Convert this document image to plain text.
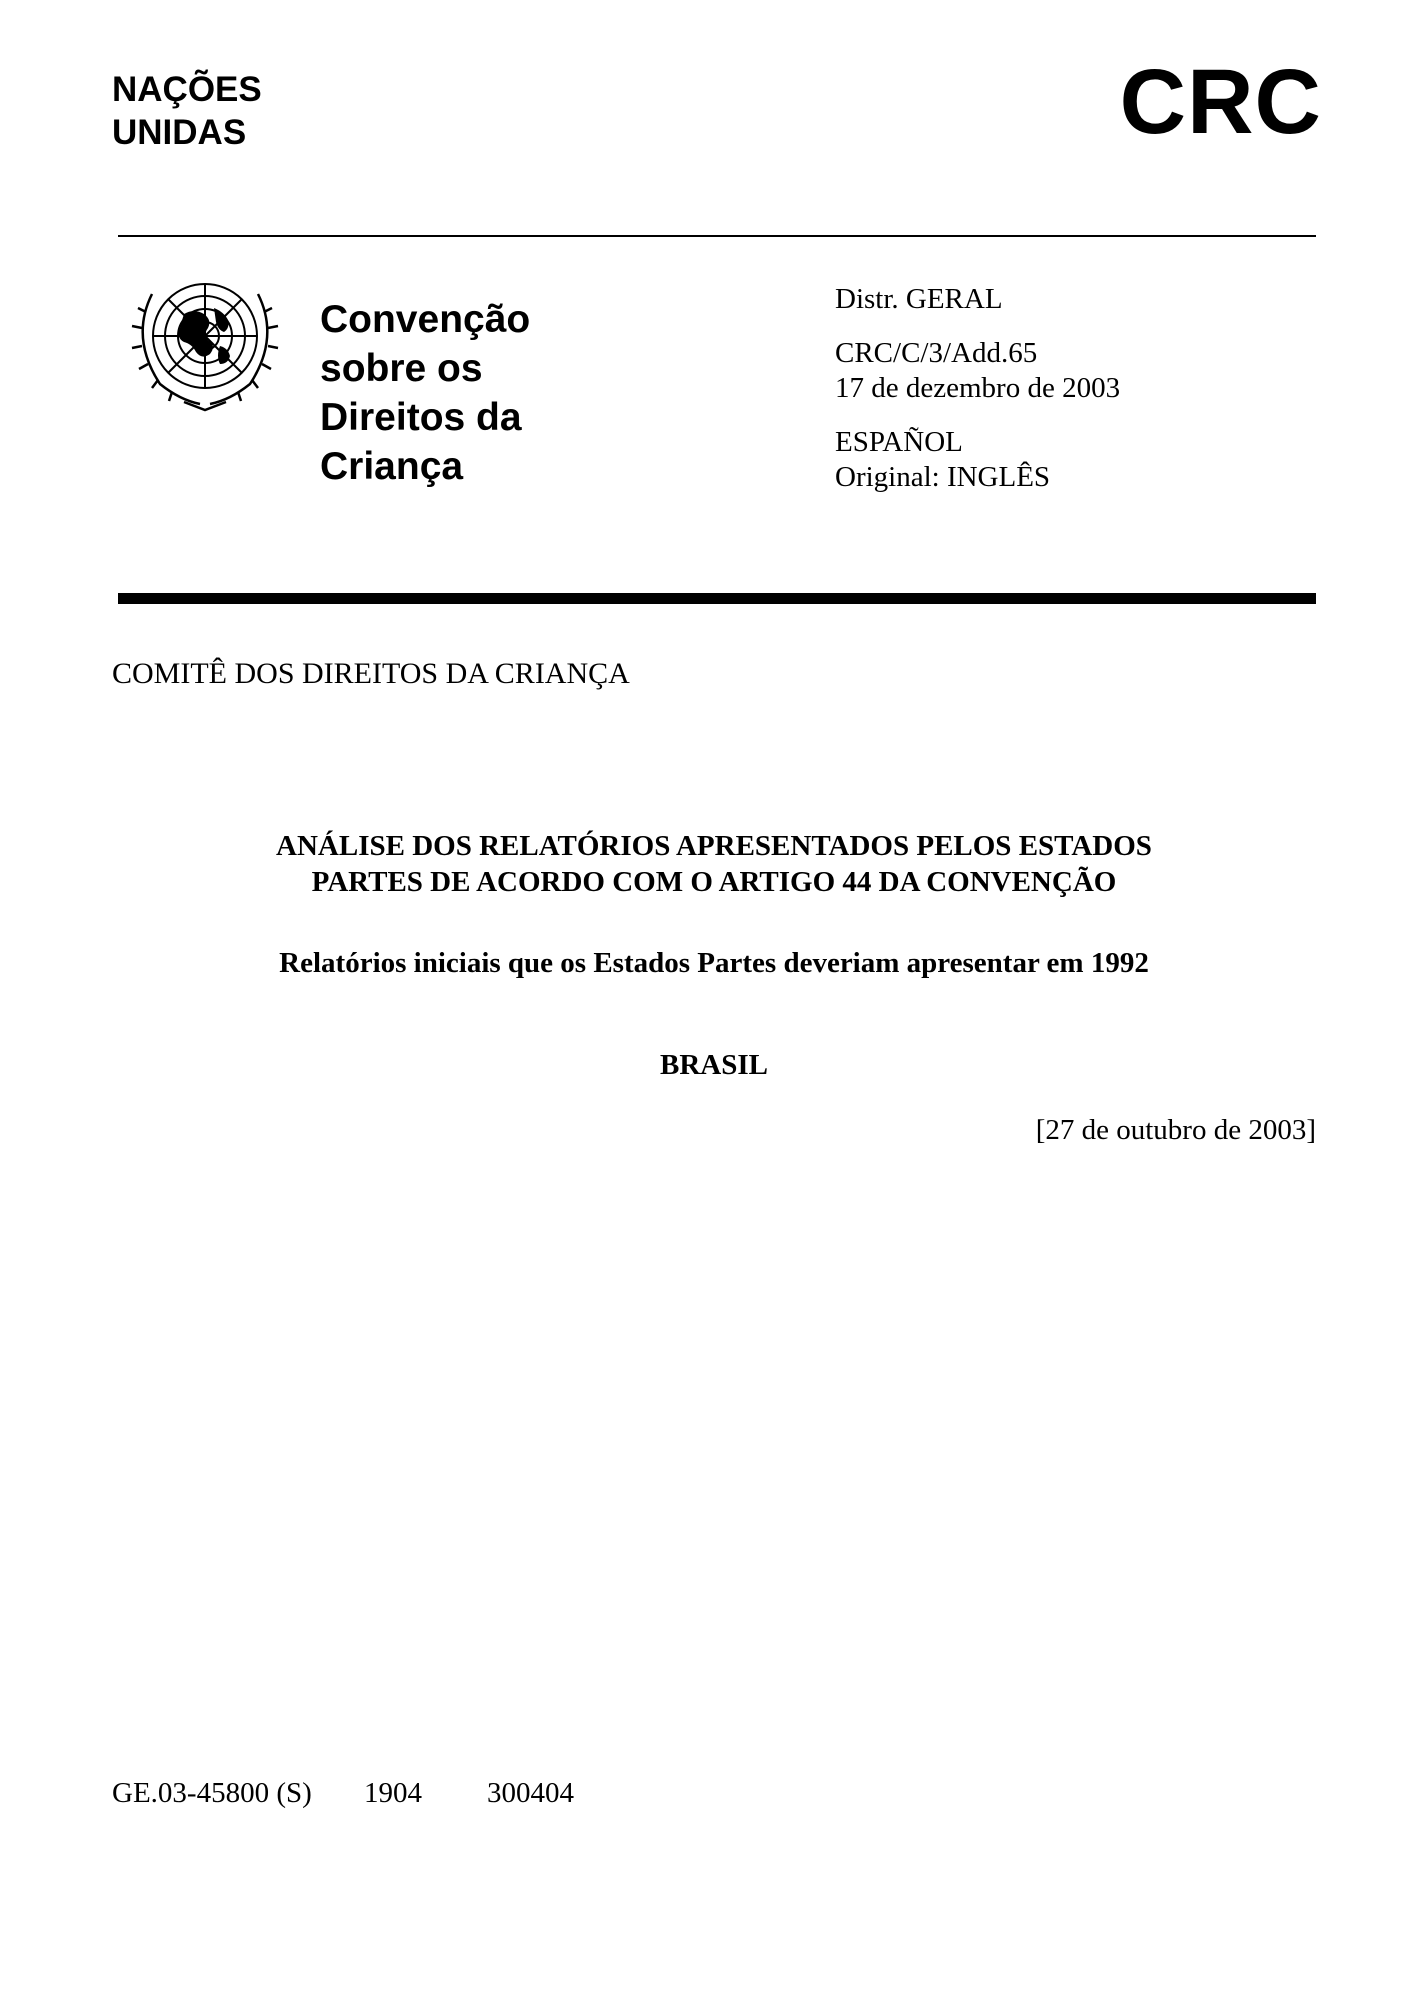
NAÇÕES
UNIDAS	CRC
Convenção
sobre os
Direitos da
Criança
Distr. GERAL
CRC/C/3/Add.65
17 de dezembro de 2003
ESPAÑOL
Original: INGLÊS
COMITÊ DOS DIREITOS DA CRIANÇA
ANÁLISE DOS RELATÓRIOS APRESENTADOS PELOS ESTADOS
PARTES DE ACORDO COM O ARTIGO 44 DA CONVENÇÃO
Relatórios iniciais que os Estados Partes deveriam apresentar em 1992
BRASIL
[27 de outubro de 2003]
GE.03-45800 (S) 1904 300404
